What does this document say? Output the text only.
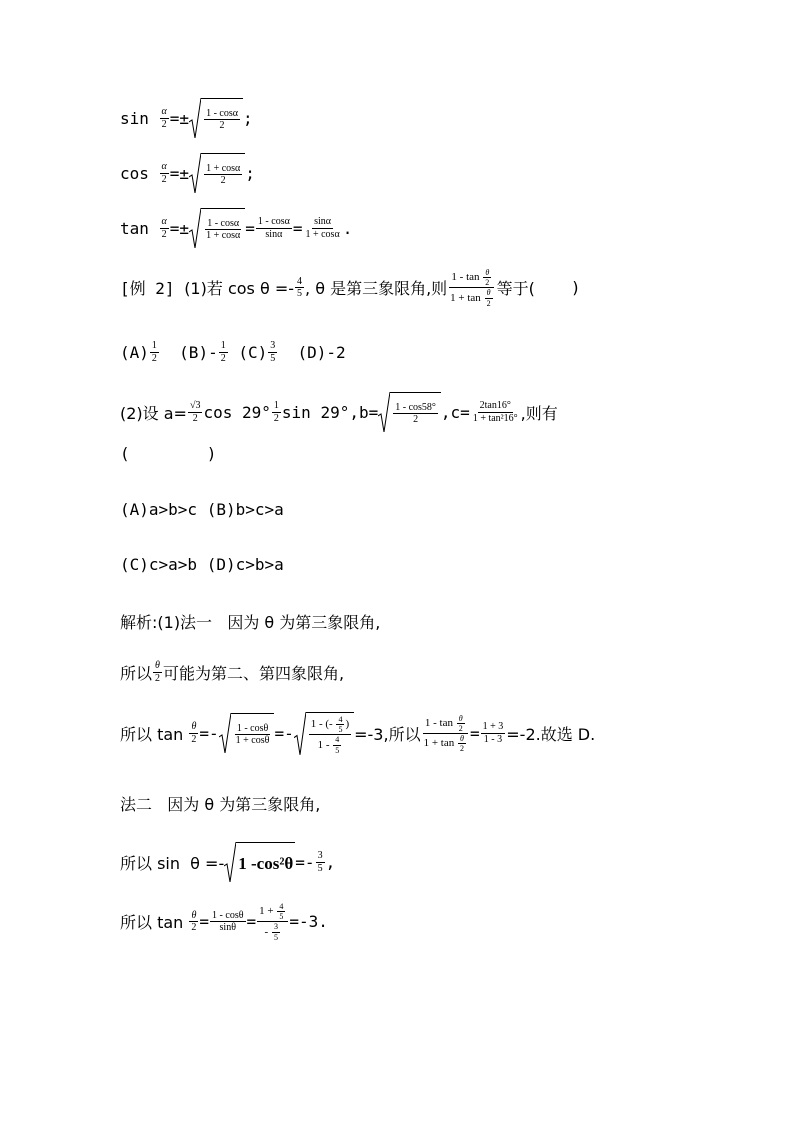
sin
$\frac{\alpha}{2} =\pm \frac{1 - \cos\alpha}{2}$ ;
cos
$\frac{\alpha}{2} =\pm \frac{1 + \cos\alpha}{2}$ ;
tan
$\frac{\alpha}{2} =\pm \frac{1 - \cos\alpha}{1 + \cos\alpha} = \frac{1 - \cos\alpha}{\sin\alpha} = \frac{\sin\alpha}{1 + \cos\alpha}$ .
[例 2]
(1)若 $\cos \theta =- \frac{4}{5}$ , θ 是第三象限角,则 1 - tan
$\frac{\theta}{2}$
1 + tan
$\frac{\theta}{2}$ 等于( )
$(A) \frac{1}{2}$
$(B)- \frac{1}{2}$
$(C) \frac{3}{5}$
(D)-2
(2)设 $a= \frac{√3}{2}$ $\cos 29^\circ \frac{1}{2}$ $\sin 29^\circ,b= \frac{1 - \cos 58^\circ}{2} ,c= \frac{2\tan 16^\circ}{\text{1 + tan²16°}}$ ,则有
(        )
(A)a>b>c (B)b>c>a
(C)c>a>b (D)c>b>a
解析:(1)法一   因为 θ 为第三象限角,
所以 $\frac{\theta}{2}$ 可能为第二、第四象限角,
所以 $\tan \frac{\theta}{2} =- \frac{1 - \cos\theta}{1 + \cos\theta} =- \frac{1 - (- \frac{4}{5} )}{1 - \frac{4}{5}} =-3$,所以 1 - tan
$\frac{\theta}{2}$
1 + tan
$\frac{\theta}{2} = \frac{1 + 3}{1 - 3} =-2$.故选 D.
法二   因为 θ 为第三象限角,
所以 sin  θ =- 1 $-\cos^2\theta =- \frac{3}{5}$ ,
所以 $\tan \frac{\theta}{2} = \frac{1 - \cos\theta}{\sin\theta} = \frac{1 + \frac{4}{5}}{- \frac{3}{5}} =-3$.
